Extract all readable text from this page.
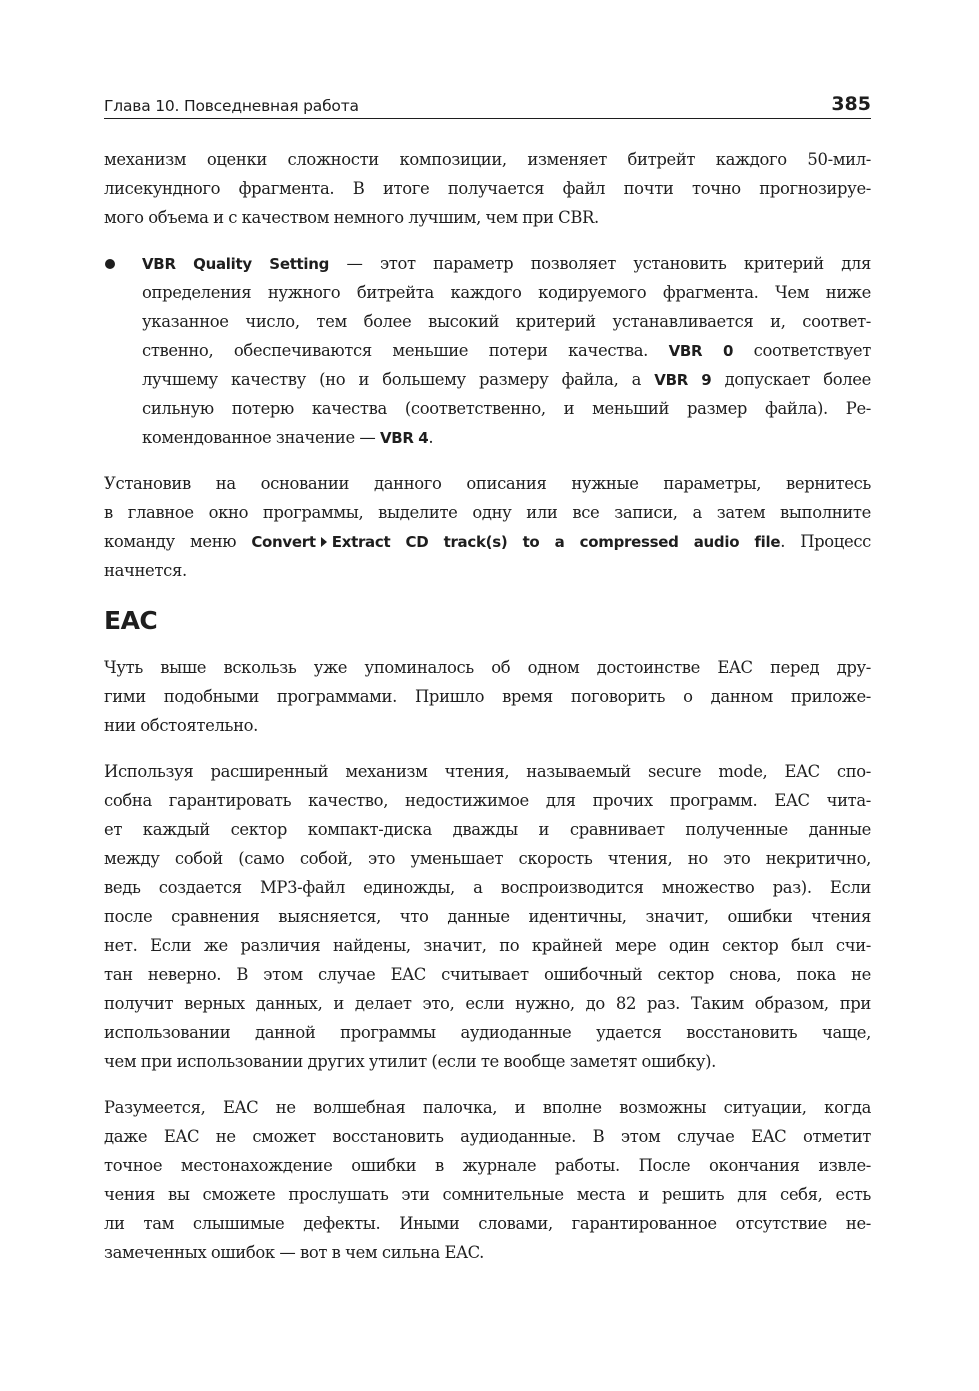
Глава 10. Повседневная работа	385
механизм оценки сложности композиции, изменяет битрейт каждого 50-мил-
лисекундного фрагмента. В итоге получается файл почти точно прогнозируе-
мого объема и с качеством немного лучшим, чем при CBR.
VBR Quality Setting — этот параметр позволяет установить критерий для
определения нужного битрейта каждого кодируемого фрагмента. Чем ниже
указанное число, тем более высокий критерий устанавливается и, соответ-
ственно, обеспечиваются меньшие потери качества. VBR 0 соответствует
лучшему качеству (но и большему размеру файла, а VBR 9 допускает более
сильную потерю качества (соответственно, и меньший размер файла). Ре-
комендованное значение — VBR 4.
Установив на основании данного описания нужные параметры, вернитесь
в главное окно программы, выделите одну или все записи, а затем выполните
команду меню Convert Extract CD track(s) to a compressed audio file. Процесс
начнется.
EAC
Чуть выше вскользь уже упоминалось об одном достоинстве EAC перед дру-
гими подобными программами. Пришло время поговорить о данном приложе-
нии обстоятельно.
Используя расширенный механизм чтения, называемый secure mode, EAC спо-
собна гарантировать качество, недостижимое для прочих программ. EAC чита-
ет каждый сектор компакт-диска дважды и сравнивает полученные данные
между собой (само собой, это уменьшает скорость чтения, но это некритично,
ведь создается MP3-файл единожды, а воспроизводится множество раз). Если
после сравнения выясняется, что данные идентичны, значит, ошибки чтения
нет. Если же различия найдены, значит, по крайней мере один сектор был счи-
тан неверно. В этом случае EAC считывает ошибочный сектор снова, пока не
получит верных данных, и делает это, если нужно, до 82 раз. Таким образом, при
использовании данной программы аудиоданные удается восстановить чаще,
чем при использовании других утилит (если те вообще заметят ошибку).
Разумеется, EAC не волшебная палочка, и вполне возможны ситуации, когда
даже EAC не сможет восстановить аудиоданные. В этом случае EAC отметит
точное местонахождение ошибки в журнале работы. После окончания извле-
чения вы сможете прослушать эти сомнительные места и решить для себя, есть
ли там слышимые дефекты. Иными словами, гарантированное отсутствие не-
замеченных ошибок — вот в чем сильна EAC.
